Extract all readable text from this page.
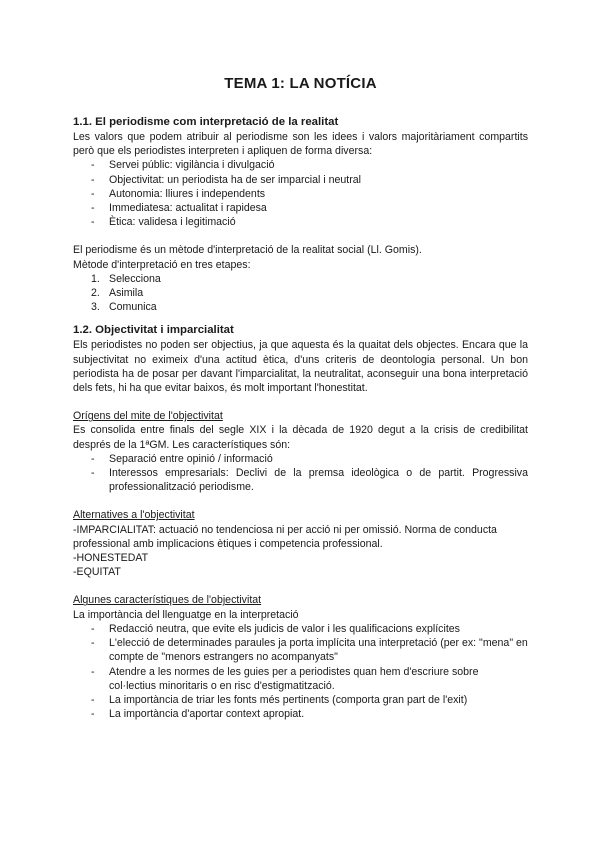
TEMA 1: LA NOTÍCIA
1.1. El periodisme com interpretació de la realitat

Les valors que podem atribuir al periodisme son les idees i valors majoritàriament compartits però que els periodistes interpreten i apliquen de forma diversa:

- Servei públic: vigilància i divulgació
- Objectivitat: un periodista ha de ser imparcial i neutral
- Autonomia: lliures i independents
- Immediatesa: actualitat i rapidesa
- Ètica: validesa i legitimació

El periodisme és un mètode d'interpretació de la realitat social (Ll. Gomis).

Mètode d'interpretació en tres etapes:

1. Selecciona
2. Asimila
3. Comunica
1.2. Objectivitat i imparcialitat

Els periodistes no poden ser objectius, ja que aquesta és la quaitat dels objectes. Encara que la subjectivitat no eximeix d'una actitud ètica, d'uns criteris de deontologia personal. Un bon periodista ha de posar per davant l'imparcialitat, la neutralitat, aconseguir una bona interpretació dels fets, hi ha que evitar baixos, és molt important l'honestitat.

Orígens del mite de l'objectivitat

Es consolida entre finals del segle XIX i la dècada de 1920 degut a la crisis de credibilitat després de la 1ªGM. Les característiques són:

- Separació entre opinió / informació
- Interessos empresarials: Declivi de la premsa ideològica o de partit. Progressiva professionalització periodisme.

Alternatives a l'objectivitat

-IMPARCIALITAT: actuació no tendenciosa ni per acció ni per omissió. Norma de conducta professional amb implicacions ètiques i competencia professional.

-HONESTEDAT

-EQUITAT

Algunes característiques de l'objectivitat

La importància del llenguatge en la interpretació

- Redacció neutra, que evite els judicis de valor i les qualificacions explícites
- L'elecció de determinades paraules ja porta implícita una interpretació (per ex: "mena" en compte de "menors estrangers no acompanyats"
- Atendre a les normes de les guies per a periodistes quan hem d'escriure sobre col·lectius minoritaris o en risc d'estigmatització.
- La importància de triar les fonts més pertinents (comporta gran part de l'exit)
- La importància d'aportar context apropiat.
